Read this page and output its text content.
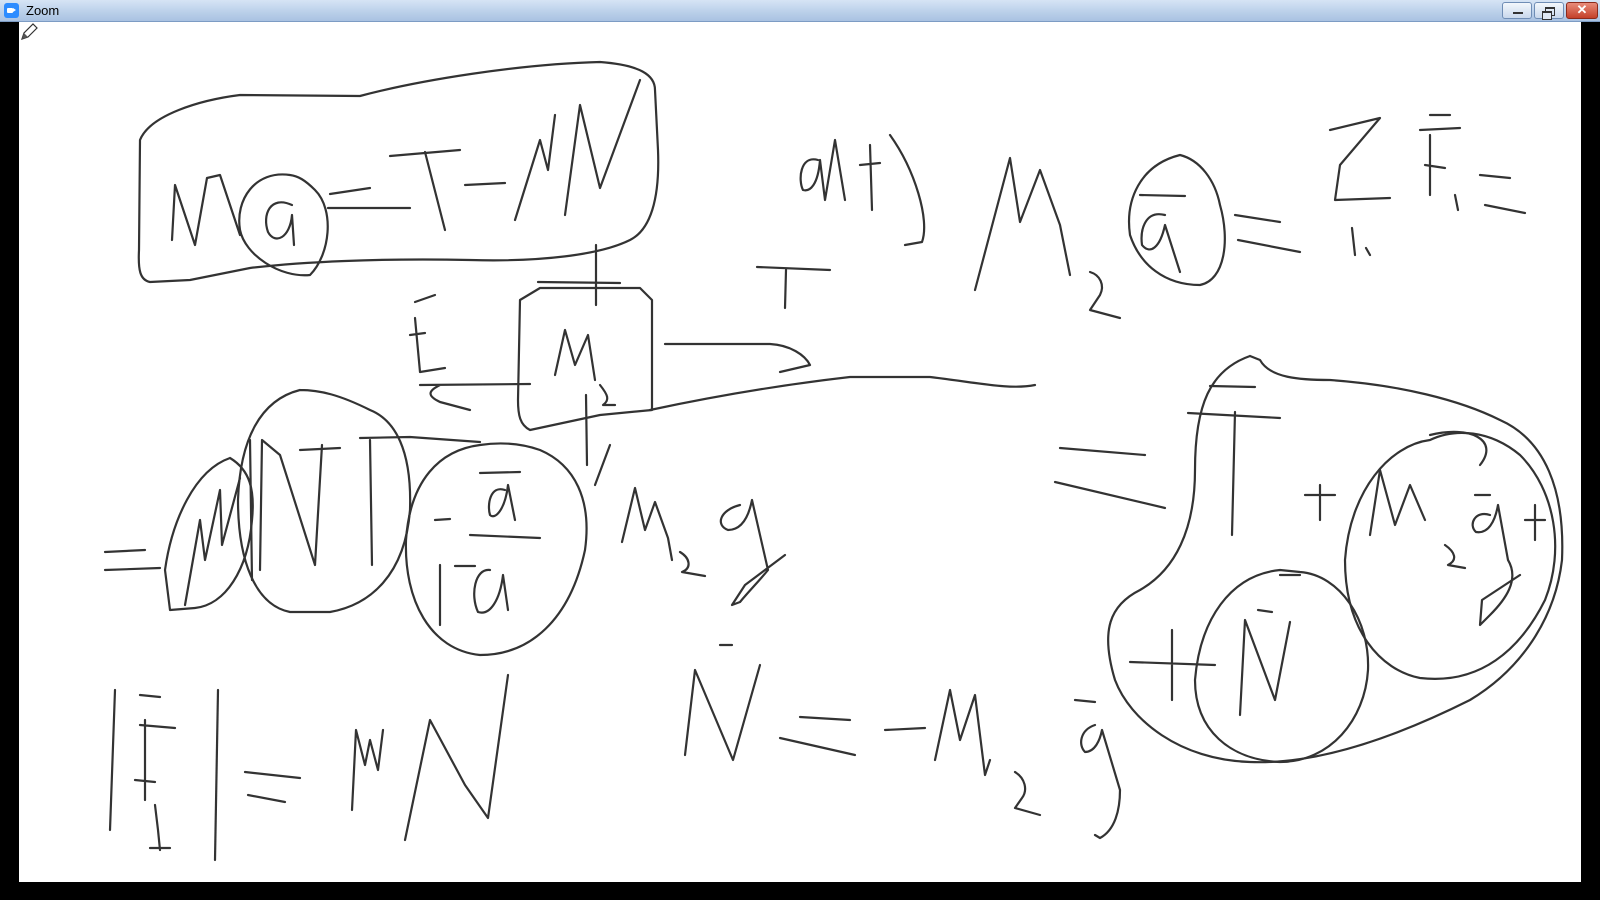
Zoom	✕
